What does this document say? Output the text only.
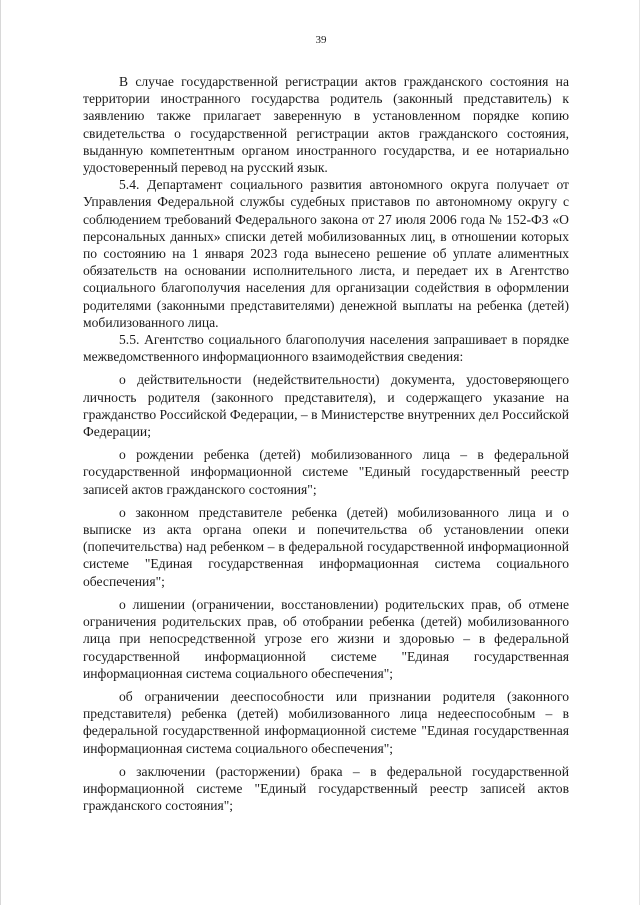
39

В случае государственной регистрации актов гражданского состояния на территории иностранного государства родитель (законный представитель) к заявлению также прилагает заверенную в установленном порядке копию свидетельства о государственной регистрации актов гражданского состояния, выданную компетентным органом иностранного государства, и ее нотариально удостоверенный перевод на русский язык.

5.4. Департамент социального развития автономного округа получает от Управления Федеральной службы судебных приставов по автономному округу с соблюдением требований Федерального закона от 27 июля 2006 года № 152-ФЗ «О персональных данных» списки детей мобилизованных лиц, в отношении которых по состоянию на 1 января 2023 года вынесено решение об уплате алиментных обязательств на основании исполнительного листа, и передает их в Агентство социального благополучия населения для организации содействия в оформлении родителями (законными представителями) денежной выплаты на ребенка (детей) мобилизованного лица.

5.5. Агентство социального благополучия населения запрашивает в порядке межведомственного информационного взаимодействия сведения:

о действительности (недействительности) документа, удостоверяющего личность родителя (законного представителя), и содержащего указание на гражданство Российской Федерации, – в Министерстве внутренних дел Российской Федерации;

о рождении ребенка (детей) мобилизованного лица – в федеральной государственной информационной системе "Единый государственный реестр записей актов гражданского состояния";

о законном представителе ребенка (детей) мобилизованного лица и о выписке из акта органа опеки и попечительства об установлении опеки (попечительства) над ребенком – в федеральной государственной информационной системе "Единая государственная информационная система социального обеспечения";

о лишении (ограничении, восстановлении) родительских прав, об отмене ограничения родительских прав, об отобрании ребенка (детей) мобилизованного лица при непосредственной угрозе его жизни и здоровью – в федеральной государственной информационной системе "Единая государственная информационная система социального обеспечения";

об ограничении дееспособности или признании родителя (законного представителя) ребенка (детей) мобилизованного лица недееспособным – в федеральной государственной информационной системе "Единая государственная информационная система социального обеспечения";

о заключении (расторжении) брака – в федеральной государственной информационной системе "Единый государственный реестр записей актов гражданского состояния";
